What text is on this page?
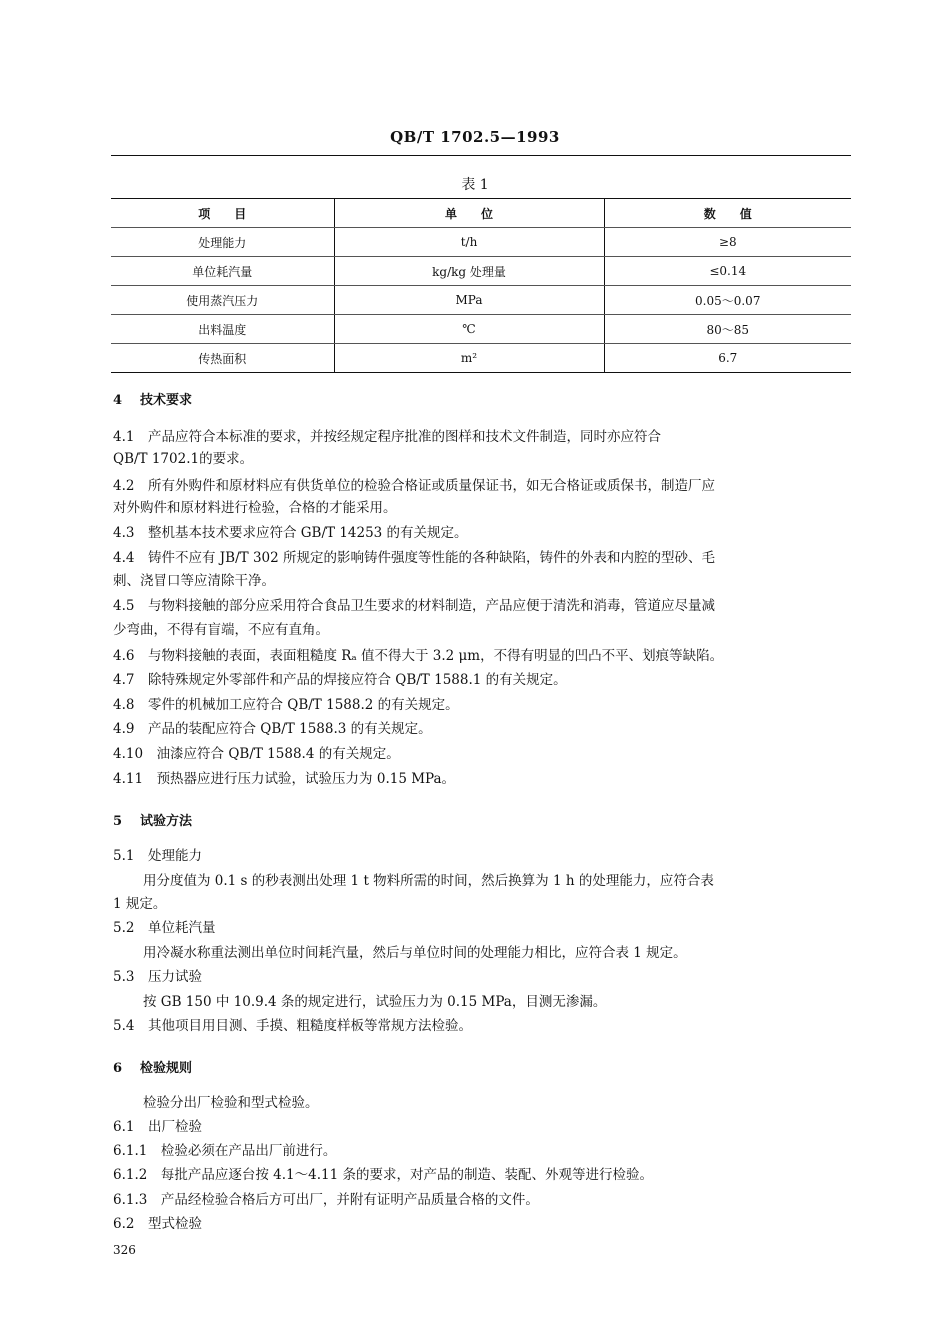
QB/T 1702.5—1993
表 1
项　　目	单　　位	数　　值
处理能力	t/h	≥8
单位耗汽量	kg/kg 处理量	≤0.14
使用蒸汽压力	MPa	0.05～0.07
出料温度	℃	80～85
传热面积	m²	6.7
4 技术要求
4.1　 产品应符合本标准的要求，并按经规定程序批准的图样和技术文件制造，同时亦应符合
QB/T 1702.1的要求。
4.2　 所有外购件和原材料应有供货单位的检验合格证或质量保证书，如无合格证或质保书，制造厂应
对外购件和原材料进行检验，合格的才能采用。
4.3　 整机基本技术要求应符合 GB/T 14253 的有关规定。
4.4　 铸件不应有 JB/T 302 所规定的影响铸件强度等性能的各种缺陷，铸件的外表和内腔的型砂、毛
刺、浇冒口等应清除干净。
4.5　 与物料接触的部分应采用符合食品卫生要求的材料制造，产品应便于清洗和消毒，管道应尽量减
少弯曲，不得有盲端，不应有直角。
4.6　 与物料接触的表面，表面粗糙度 Rₐ 值不得大于 3.2 μm，不得有明显的凹凸不平、划痕等缺陷。
4.7　 除特殊规定外零部件和产品的焊接应符合 QB/T 1588.1 的有关规定。
4.8　 零件的机械加工应符合 QB/T 1588.2 的有关规定。
4.9　 产品的装配应符合 QB/T 1588.3 的有关规定。
4.10　 油漆应符合 QB/T 1588.4 的有关规定。
4.11　 预热器应进行压力试验，试验压力为 0.15 MPa。
5 试验方法
5.1　处理能力
用分度值为 0.1 s 的秒表测出处理 1 t 物料所需的时间，然后换算为 1 h 的处理能力，应符合表
1 规定。
5.2　单位耗汽量
用冷凝水称重法测出单位时间耗汽量，然后与单位时间的处理能力相比，应符合表 1 规定。
5.3　压力试验
按 GB 150 中 10.9.4 条的规定进行，试验压力为 0.15 MPa，目测无渗漏。
5.4　其他项目用目测、手摸、粗糙度样板等常规方法检验。
6 检验规则
检验分出厂检验和型式检验。
6.1　出厂检验
6.1.1　检验必须在产品出厂前进行。
6.1.2　每批产品应逐台按 4.1～4.11 条的要求，对产品的制造、装配、外观等进行检验。
6.1.3　产品经检验合格后方可出厂，并附有证明产品质量合格的文件。
6.2　型式检验
326
